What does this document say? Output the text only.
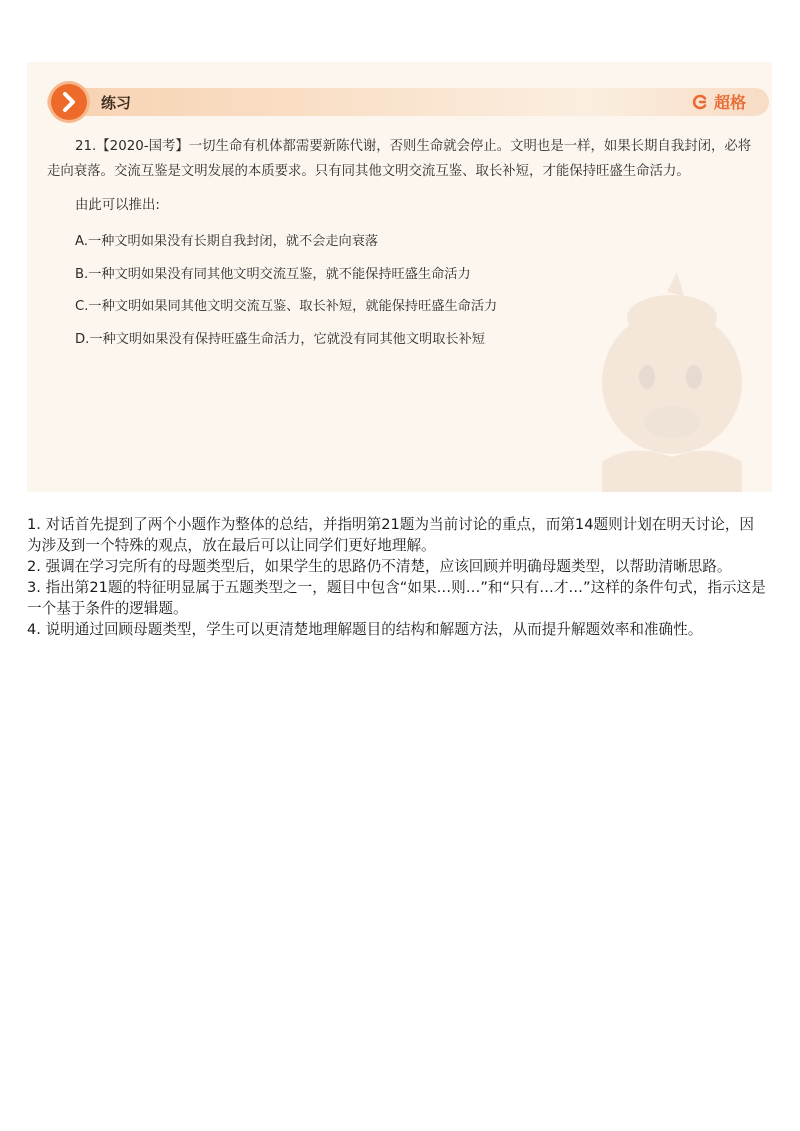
练习	超格

21.【2020-国考】一切生命有机体都需要新陈代谢，否则生命就会停止。文明也是一样，如果长期自我封闭，必将走向衰落。交流互鉴是文明发展的本质要求。只有同其他文明交流互鉴、取长补短，才能保持旺盛生命活力。

由此可以推出:
A.一种文明如果没有长期自我封闭，就不会走向衰落
B.一种文明如果没有同其他文明交流互鉴，就不能保持旺盛生命活力
C.一种文明如果同其他文明交流互鉴、取长补短，就能保持旺盛生命活力
D.一种文明如果没有保持旺盛生命活力，它就没有同其他文明取长补短

1. 对话首先提到了两个小题作为整体的总结，并指明第21题为当前讨论的重点，而第14题则计划在明天讨论，因为涉及到一个特殊的观点，放在最后可以让同学们更好地理解。

2. 强调在学习完所有的母题类型后，如果学生的思路仍不清楚，应该回顾并明确母题类型，以帮助清晰思路。

3. 指出第21题的特征明显属于五题类型之一，题目中包含“如果…则…”和“只有…才…”这样的条件句式，指示这是一个基于条件的逻辑题。

4. 说明通过回顾母题类型，学生可以更清楚地理解题目的结构和解题方法，从而提升解题效率和准确性。
